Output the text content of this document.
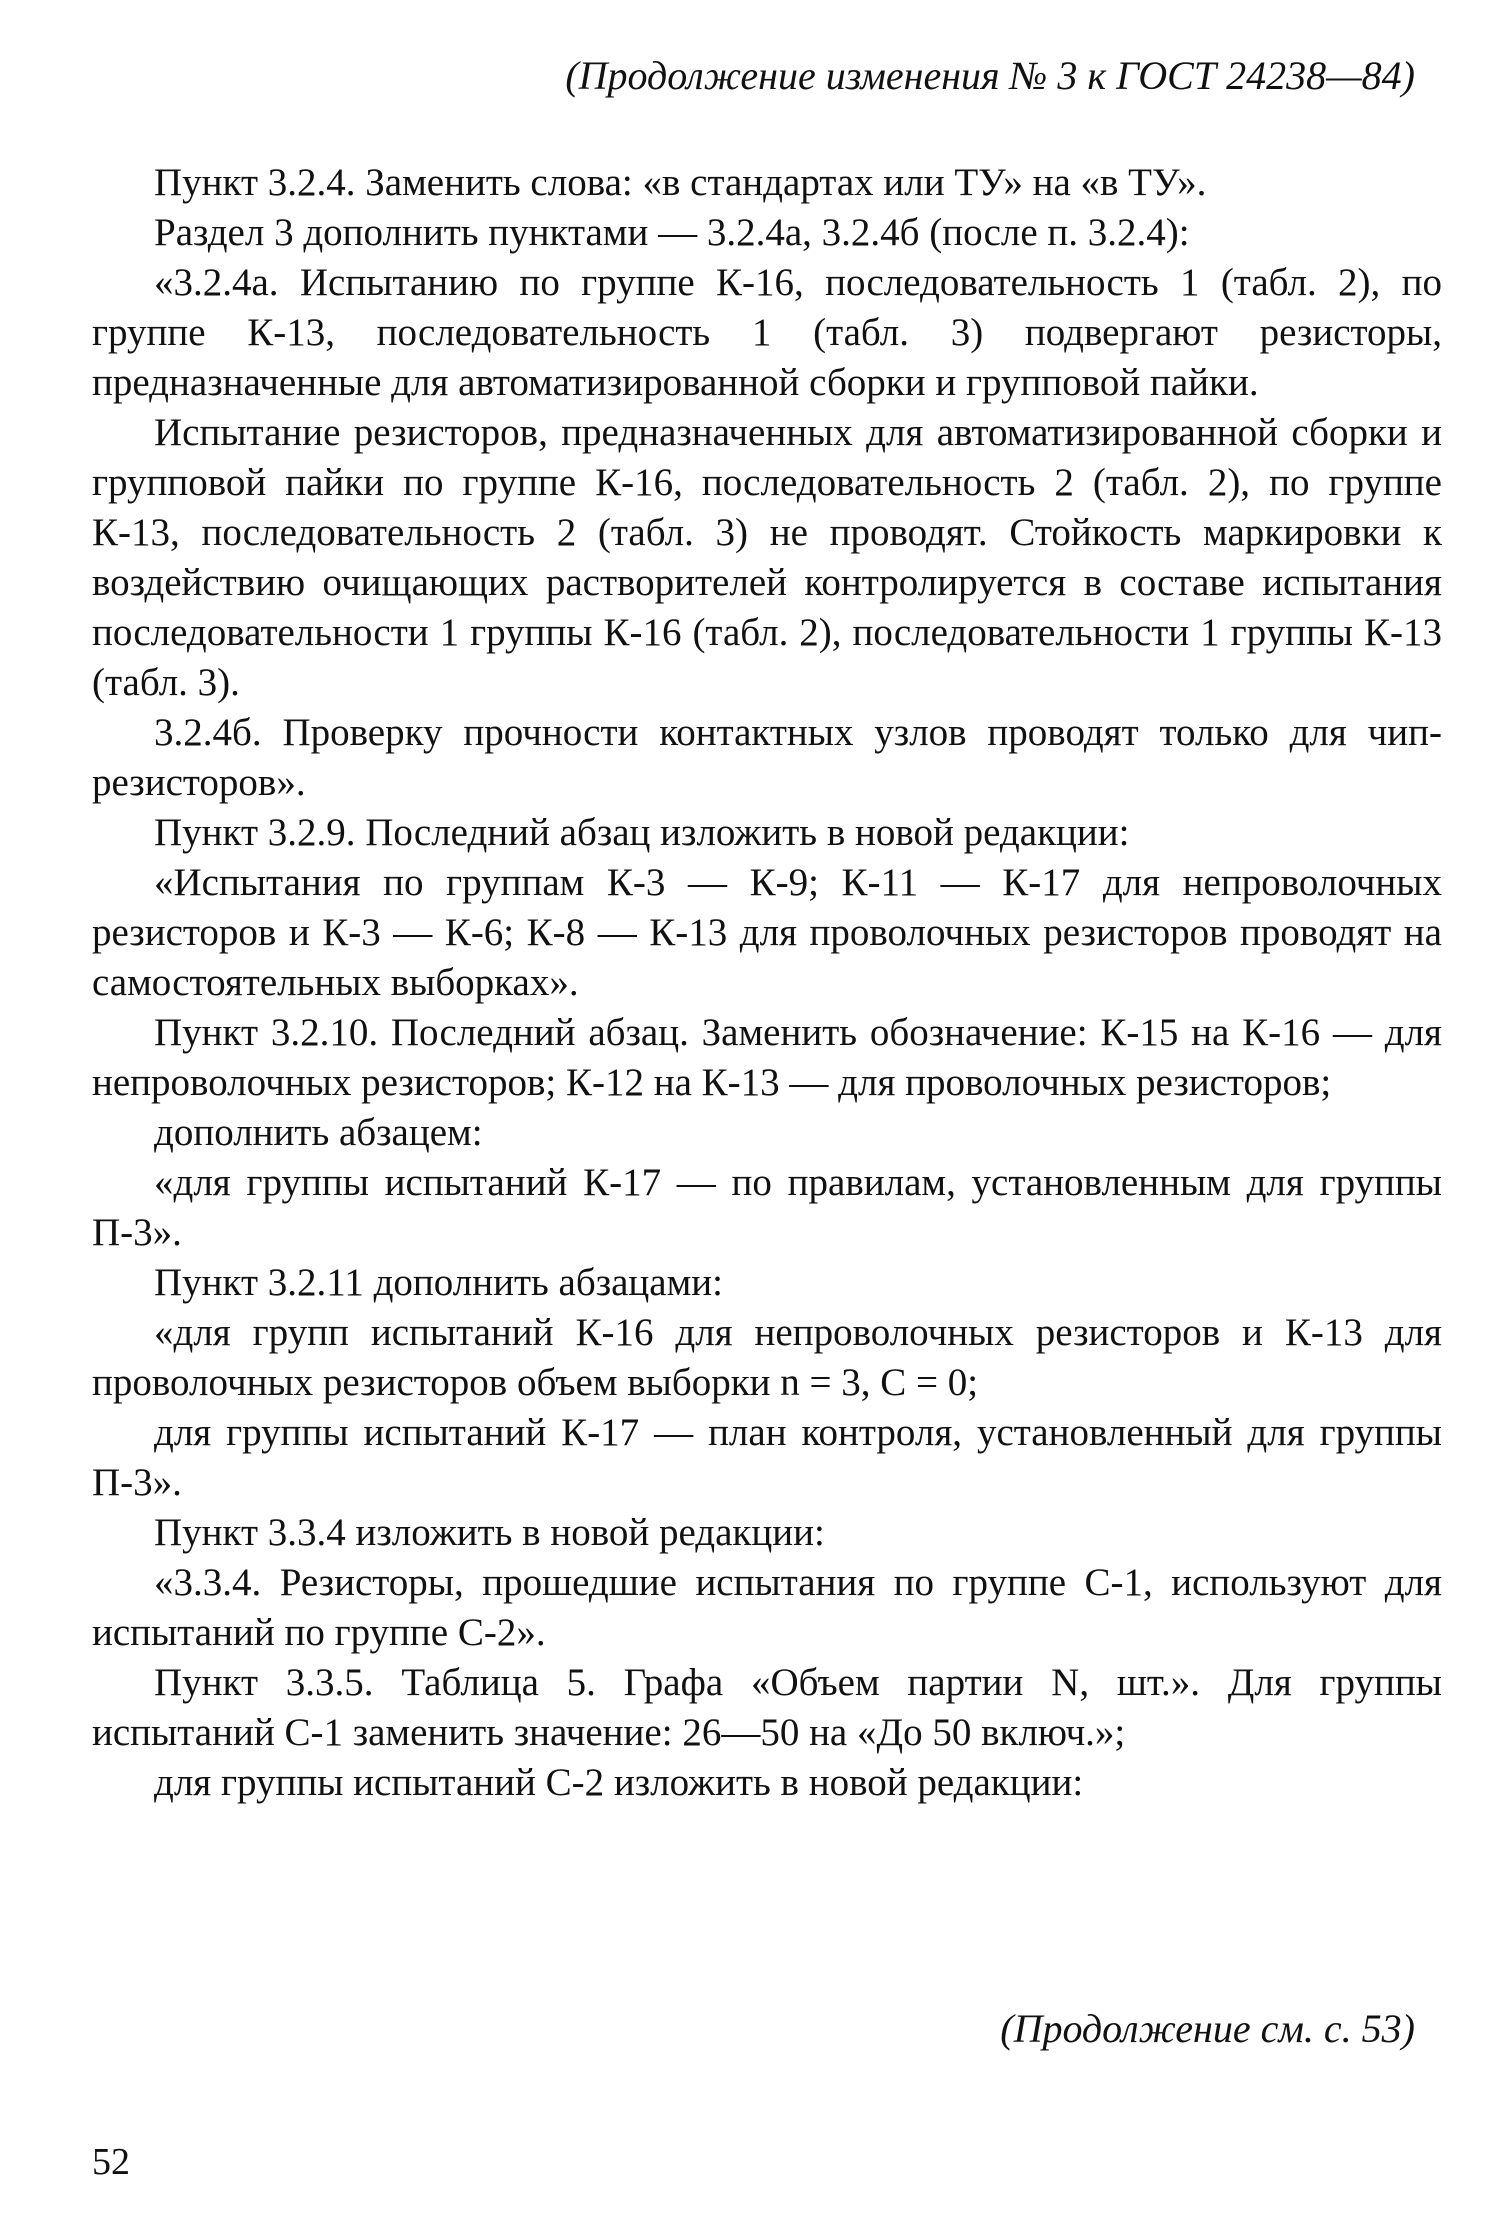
(Продолжение изменения № 3 к ГОСТ 24238—84)

Пункт 3.2.4. Заменить слова: «в стандартах или ТУ» на «в ТУ».

Раздел 3 дополнить пунктами — 3.2.4а, 3.2.4б (после п. 3.2.4):

«3.2.4а. Испытанию по группе К-16, последовательность 1 (табл. 2), по группе К-13, последовательность 1 (табл. 3) подвергают резисторы, предназначенные для автоматизированной сборки и групповой пайки.

Испытание резисторов, предназначенных для автоматизированной сборки и групповой пайки по группе К-16, последовательность 2 (табл. 2), по группе К-13, последовательность 2 (табл. 3) не проводят. Стойкость маркировки к воздействию очищающих растворителей контролируется в составе испытания последовательности 1 группы К-16 (табл. 2), последовательности 1 группы К-13 (табл. 3).

3.2.4б. Проверку прочности контактных узлов проводят только для чип-резисторов».

Пункт 3.2.9. Последний абзац изложить в новой редакции:

«Испытания по группам К-3 — К-9; К-11 — К-17 для непроволочных резисторов и К-3 — К-6; К-8 — К-13 для проволочных резисторов проводят на самостоятельных выборках».

Пункт 3.2.10. Последний абзац. Заменить обозначение: К-15 на К-16 — для непроволочных резисторов; К-12 на К-13 — для проволочных резисторов;

дополнить абзацем:

«для группы испытаний К-17 — по правилам, установленным для группы П-3».

Пункт 3.2.11 дополнить абзацами:

«для групп испытаний К-16 для непроволочных резисторов и К-13 для проволочных резисторов объем выборки n = 3, С = 0;

для группы испытаний К-17 — план контроля, установленный для группы П-3».

Пункт 3.3.4 изложить в новой редакции:

«3.3.4. Резисторы, прошедшие испытания по группе С-1, используют для испытаний по группе С-2».

Пункт 3.3.5. Таблица 5. Графа «Объем партии N, шт.». Для группы испытаний С-1 заменить значение: 26—50 на «До 50 включ.»;

для группы испытаний С-2 изложить в новой редакции:

(Продолжение см. с. 53)
52
